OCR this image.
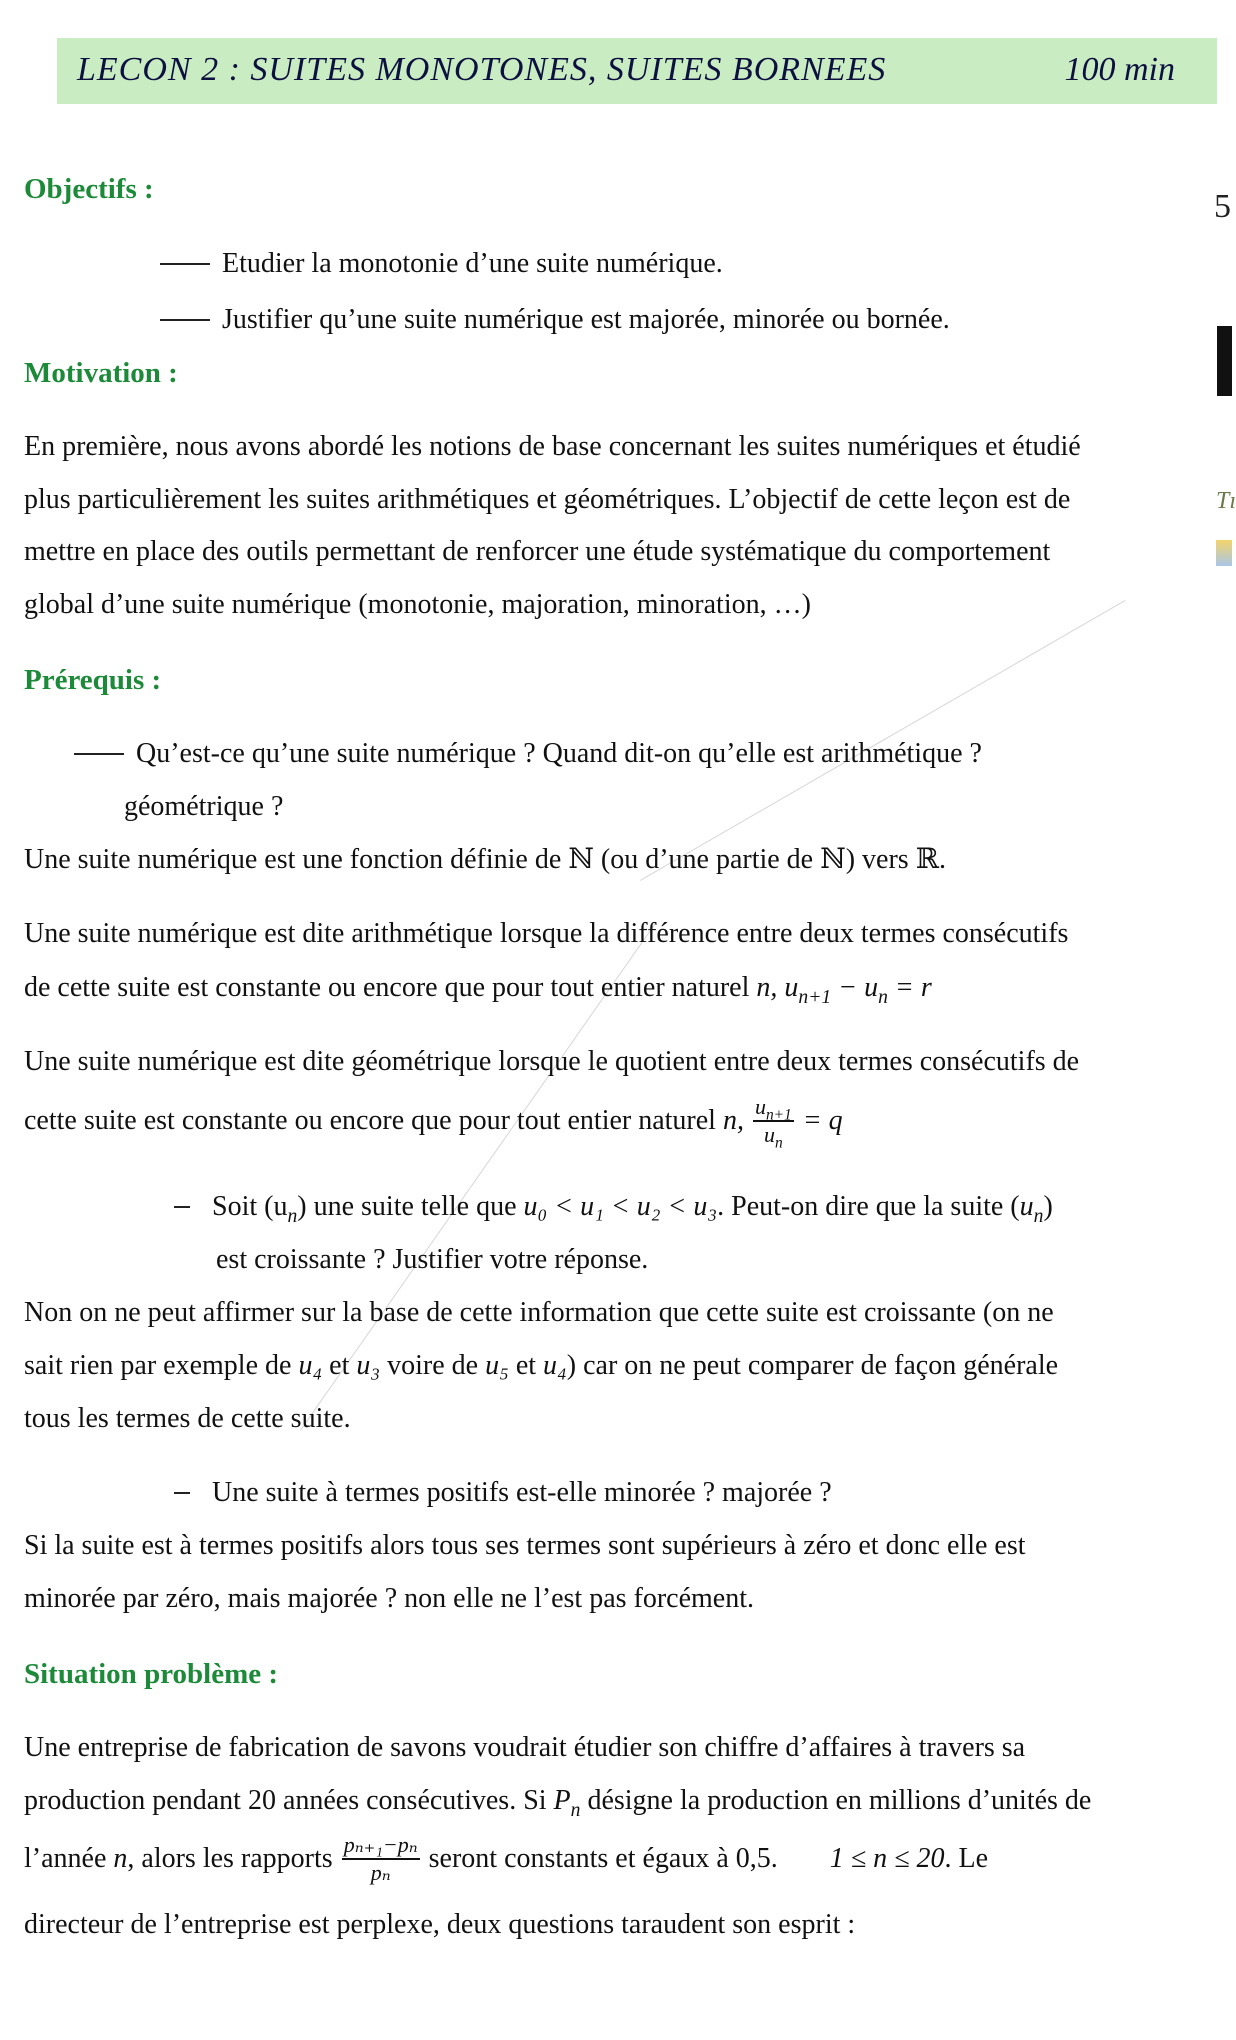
LECON 2 : SUITES MONOTONES, SUITES BORNEES	100 min
5
Tı
Objectifs :
Etudier la monotonie d’une suite numérique.
Justifier qu’une suite numérique est majorée, minorée ou bornée.
Motivation :
En première, nous avons abordé les notions de base concernant les suites numériques et étudié
plus particulièrement les suites arithmétiques et géométriques. L’objectif de cette leçon est de
mettre en place des outils permettant de renforcer une étude systématique du comportement
global d’une suite numérique (monotonie, majoration, minoration, …)
Prérequis :
Qu’est-ce qu’une suite numérique ? Quand dit-on qu’elle est arithmétique ?
géométrique ?
Une suite numérique est une fonction définie de ℕ (ou d’une partie de ℕ) vers ℝ.
Une suite numérique est dite arithmétique lorsque la différence entre deux termes consécutifs
de cette suite est constante ou encore que pour tout entier naturel n, $u_{n+1} - u_n = r$
Une suite numérique est dite géométrique lorsque le quotient entre deux termes consécutifs de
cette suite est constante ou encore que pour tout entier naturel
n,
$\frac{u_{n+1}}{u_n}$
= q
Soit $(u_n)$ une suite telle que u₀ < u₁ < u₂ < u₃. Peut-on dire que la suite $(u_n)$
est croissante ? Justifier votre réponse.
Non on ne peut affirmer sur la base de cette information que cette suite est croissante (on ne
sait rien par exemple de u₄ et u₃ voire de u₅ et u₄) car on ne peut comparer de façon générale
tous les termes de cette suite.
Une suite à termes positifs est-elle minorée ? majorée ?
Si la suite est à termes positifs alors tous ses termes sont supérieurs à zéro et donc elle est
minorée par zéro, mais majorée ? non elle ne l’est pas forcément.
Situation problème :
Une entreprise de fabrication de savons voudrait étudier son chiffre d’affaires à travers sa
production pendant 20 années consécutives. Si $P_n$ désigne la production en millions d’unités de
l’année
n , alors les rapports
$\frac{\text{pₙ₊₁−pₙ}}{\text{pₙ}}$
seront constants et égaux à 0,5. 1 ≤ n ≤ 20 . Le
directeur de l’entreprise est perplexe, deux questions taraudent son esprit :
